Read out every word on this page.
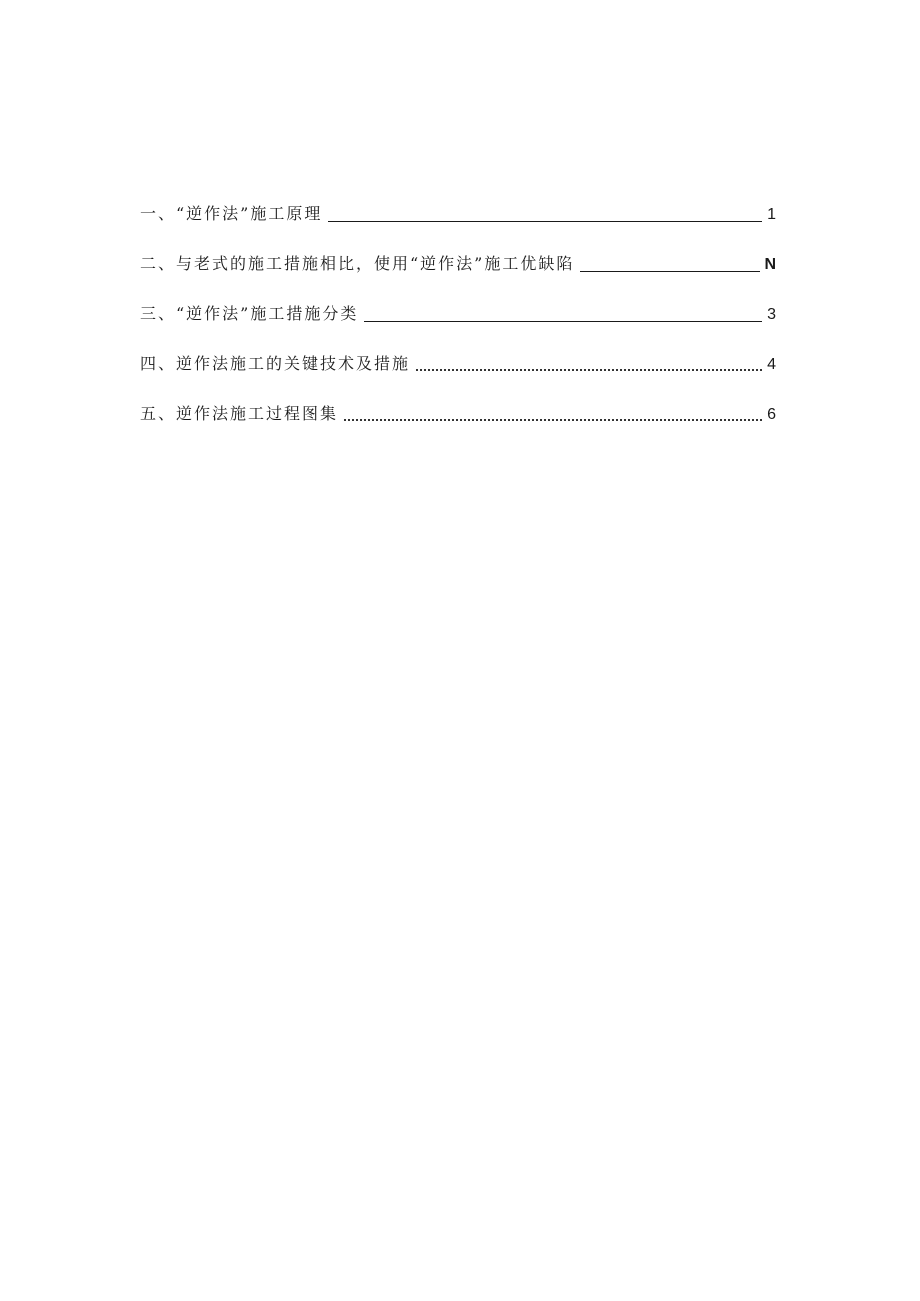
一、“逆作法”施工原理	1
二、与老式的施工措施相比，使用“逆作法”施工优缺陷	N
三、“逆作法”施工措施分类	3
四、逆作法施工的关键技术及措施	4
五、逆作法施工过程图集	6
